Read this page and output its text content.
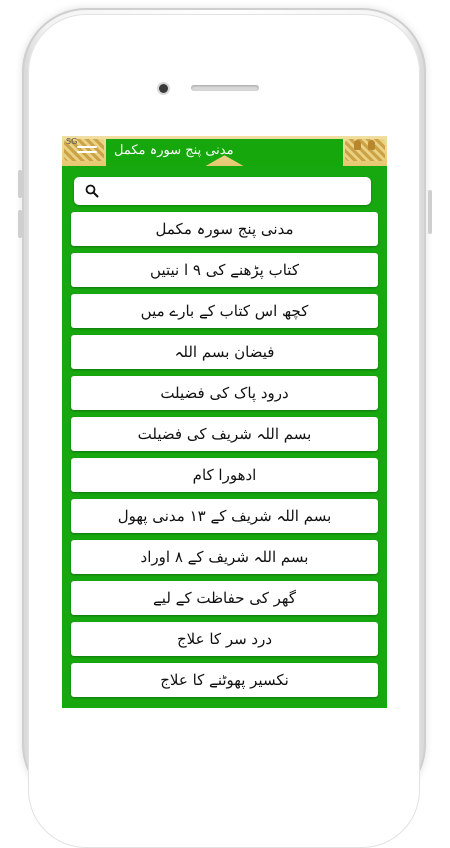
SG
مدنی پنج سورہ مکمل
مدنی پنج سورہ مکمل
کتاب پڑھنے کی ۹ ا نیتیں
کچھ اس کتاب کے بارے میں
فیضان بسم اللہ
درود پاک کی فضیلت
بسم اللہ شریف کی فضیلت
ادھورا کام
بسم اللہ شریف کے ۱۳ مدنی پھول
بسم اللہ شریف کے ۸ اوراد
گھر کی حفاظت کے لیے
درد سر کا علاج
نکسیر پھوٹنے کا علاج
